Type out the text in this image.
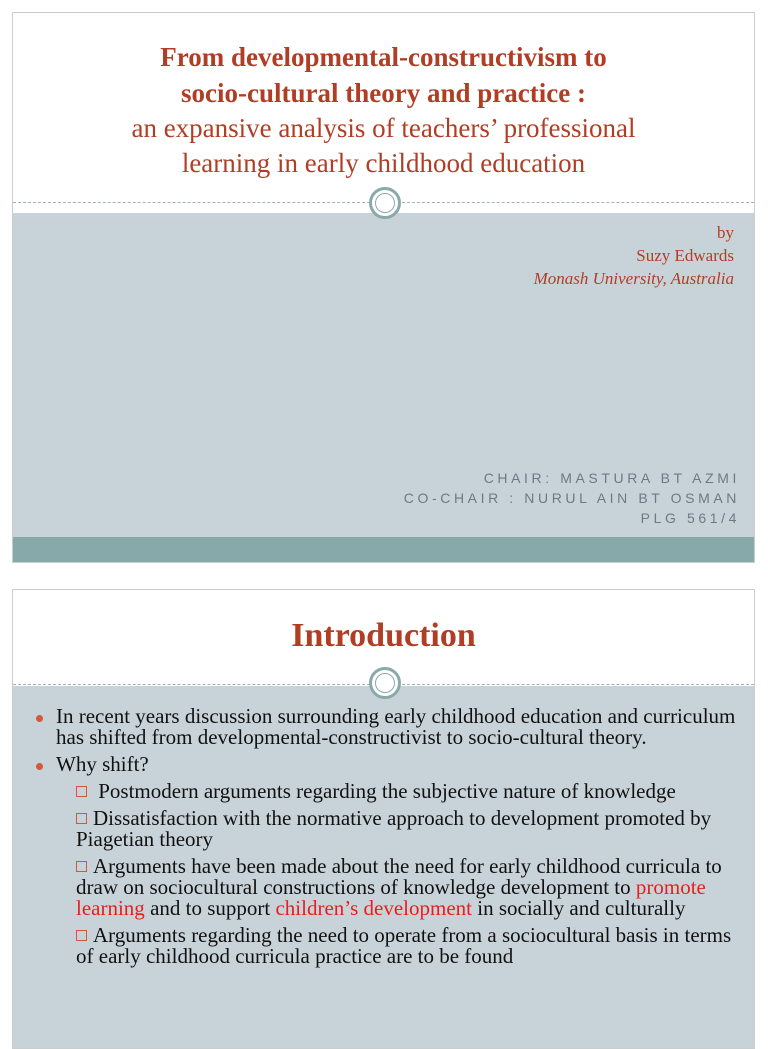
From developmental-constructivism to
socio-cultural theory and practice :
an expansive analysis of teachers’ professional
learning in early childhood education
by
Suzy Edwards
Monash University, Australia
CHAIR: MASTURA BT AZMI
CO-CHAIR : NURUL AIN BT OSMAN
PLG 561/4
Introduction
In recent years discussion surrounding early childhood education and curriculum has shifted from developmental-constructivist to socio-cultural theory.
Why shift?
Postmodern arguments regarding the subjective nature of knowledge
Dissatisfaction with the normative approach to development promoted by Piagetian theory
Arguments have been made about the need for early childhood curricula to draw on sociocultural constructions of knowledge development to promote learning and to support children’s development in socially and culturally
Arguments regarding the need to operate from a sociocultural basis in terms of early childhood curricula practice are to be found
